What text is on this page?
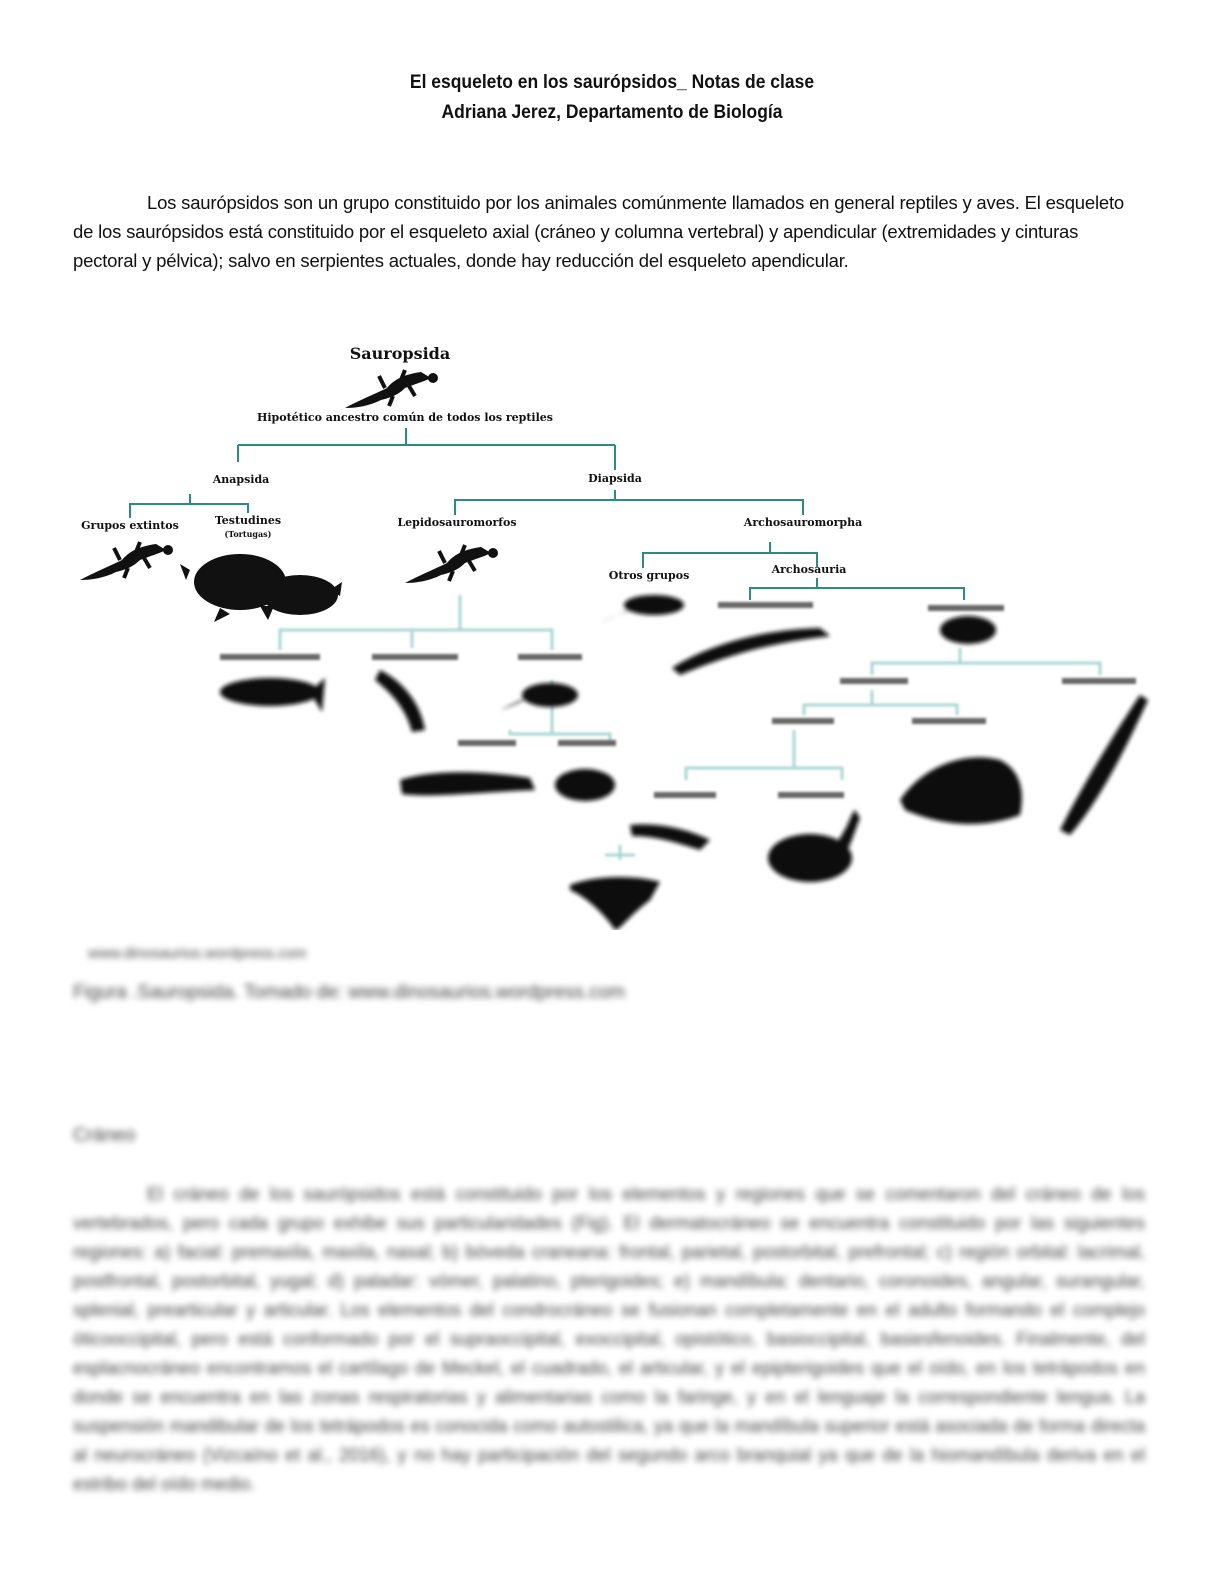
El esqueleto en los saurópsidos_ Notas de clase
Adriana Jerez, Departamento de Biología

Los saurópsidos son un grupo constituido por los animales comúnmente llamados en general reptiles y aves. El esqueleto de los saurópsidos está constituido por el esqueleto axial (cráneo y columna vertebral) y apendicular (extremidades y cinturas pectoral y pélvica); salvo en serpientes actuales, donde hay reducción del esqueleto apendicular.

Sauropsida
Hipotético ancestro común de todos los reptiles
Anapsida	Diapsida
Grupos extintos	Testudines
(Tortugas)
Lepidosauromorfos	Archosauromorpha
Otros grupos	Archosauria
www.dinosaurios.wordpress.com
Figura .Sauropsida. Tomado de: www.dinosaurios.wordpress.com
Cráneo

El cráneo de los saurópsidos está constituido por los elementos y regiones que se comentaron del cráneo de los vertebrados, pero cada grupo exhibe sus particularidades (Fig). El dermatocráneo se encuentra constituido por las siguientes regiones: a) facial: premaxila, maxila, nasal; b) bóveda craneana: frontal, parietal, postorbital, prefrontal; c) región orbital: lacrimal, postfrontal, postorbital, yugal; d) paladar: vómer, palatino, pterigoides; e) mandíbula: dentario, coronoides, angular, surangular, splenial, prearticular y articular. Los elementos del condrocráneo se fusionan completamente en el adulto formando el complejo óticooccipital, pero está conformado por el supraoccipital, exoccipital, opistótico, basioccipital, basiesfenoides. Finalmente, del esplacnocráneo encontramos el cartílago de Meckel, el cuadrado, el articular, y el epipterigoides que el oído, en los tetrápodos en donde se encuentra en las zonas respiratorias y alimentarias como la faringe, y en el lenguaje la correspondiente lengua. La suspensión mandibular de los tetrápodos es conocida como autostilica, ya que la mandíbula superior está asociada de forma directa al neurocráneo (Vizcaíno et al., 2016), y no hay participación del segundo arco branquial ya que de la hiomandíbula deriva en el estribo del oído medio.
